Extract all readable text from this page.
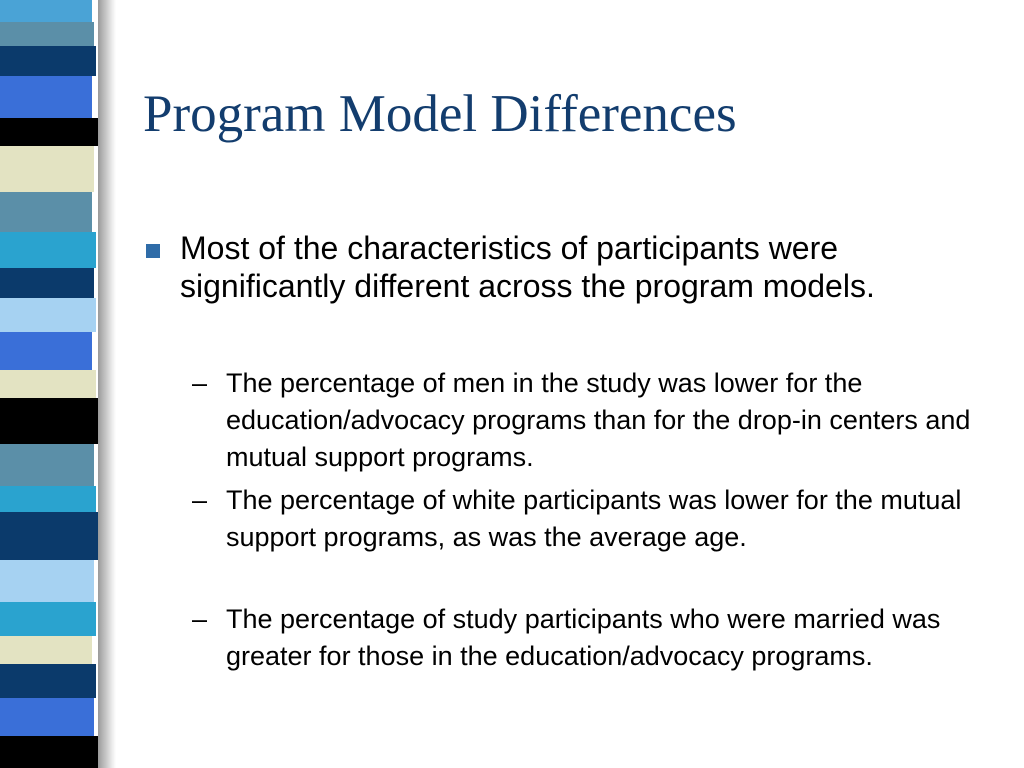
Program Model Differences

Most of the characteristics of participants were significantly different across the program models.

– The percentage of men in the study was lower for the education/advocacy programs than for the drop-in centers and mutual support programs.

– The percentage of white participants was lower for the mutual support programs, as was the average age.

– The percentage of study participants who were married was greater for those in the education/advocacy programs.
